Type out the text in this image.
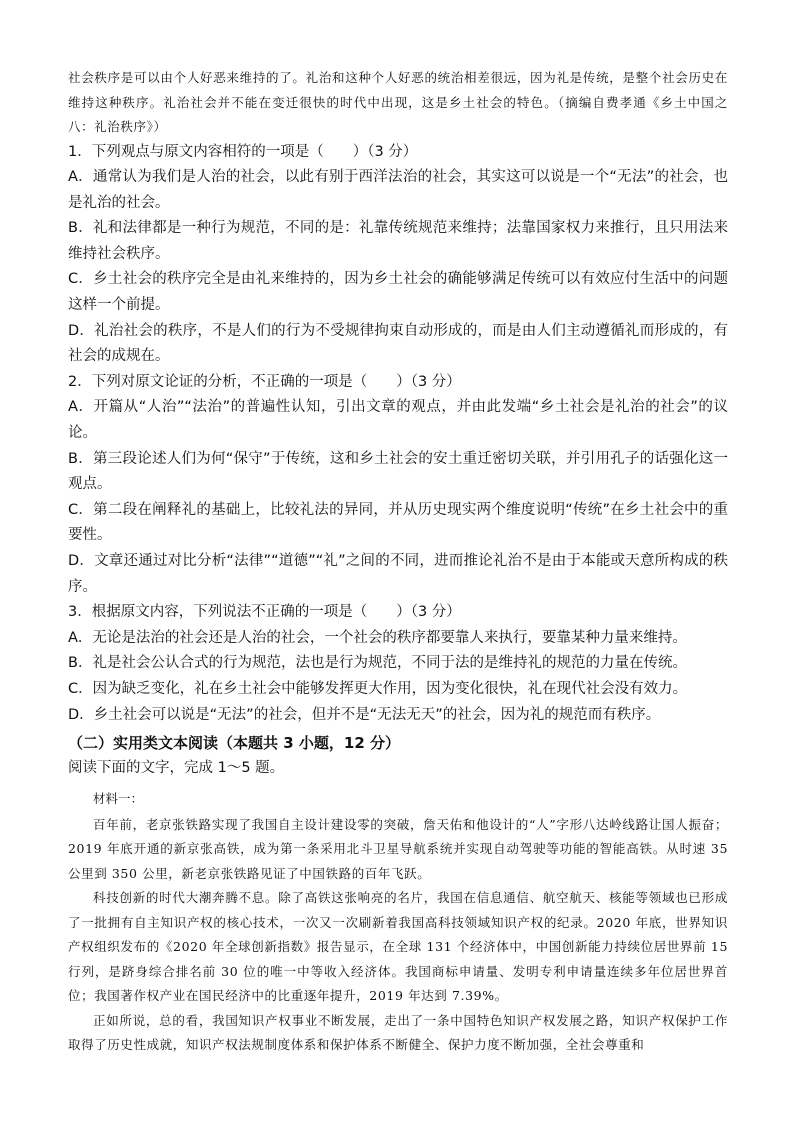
社会秩序是可以由个人好恶来维持的了。礼治和这种个人好恶的统治相差很远，因为礼是传统，是整个社会历史在维持这种秩序。礼治社会并不能在变迁很快的时代中出现，这是乡土社会的特色。（摘编自费孝通《乡土中国之八：礼治秩序》）

1．下列观点与原文内容相符的一项是（　　）（3 分）

A．通常认为我们是人治的社会，以此有别于西洋法治的社会，其实这可以说是一个“无法”的社会，也是礼治的社会。

B．礼和法律都是一种行为规范，不同的是：礼靠传统规范来维持；法靠国家权力来推行，且只用法来维持社会秩序。

C．乡土社会的秩序完全是由礼来维持的，因为乡土社会的确能够满足传统可以有效应付生活中的问题这样一个前提。

D．礼治社会的秩序，不是人们的行为不受规律拘束自动形成的，而是由人们主动遵循礼而形成的，有社会的成规在。

2．下列对原文论证的分析，不正确的一项是（　　）（3 分）

A．开篇从“人治”“法治”的普遍性认知，引出文章的观点，并由此发端“乡土社会是礼治的社会”的议论。

B．第三段论述人们为何“保守”于传统，这和乡土社会的安土重迁密切关联，并引用孔子的话强化这一观点。

C．第二段在阐释礼的基础上，比较礼法的异同，并从历史现实两个维度说明“传统”在乡土社会中的重要性。

D．文章还通过对比分析“法律”“道德”“礼”之间的不同，进而推论礼治不是由于本能或天意所构成的秩序。

3．根据原文内容，下列说法不正确的一项是（　　）（3 分）

A．无论是法治的社会还是人治的社会，一个社会的秩序都要靠人来执行，要靠某种力量来维持。

B．礼是社会公认合式的行为规范，法也是行为规范，不同于法的是维持礼的规范的力量在传统。

C．因为缺乏变化，礼在乡土社会中能够发挥更大作用，因为变化很快，礼在现代社会没有效力。

D．乡土社会可以说是“无法”的社会，但并不是“无法无天”的社会，因为礼的规范而有秩序。

（二）实用类文本阅读（本题共 3 小题，12 分）

阅读下面的文字，完成 1～5 题。

材料一：

百年前，老京张铁路实现了我国自主设计建设零的突破，詹天佑和他设计的“人”字形八达岭线路让国人振奋；2019 年底开通的新京张高铁，成为第一条采用北斗卫星导航系统并实现自动驾驶等功能的智能高铁。从时速 35 公里到 350 公里，新老京张铁路见证了中国铁路的百年飞跃。

科技创新的时代大潮奔腾不息。除了高铁这张响亮的名片，我国在信息通信、航空航天、核能等领域也已形成了一批拥有自主知识产权的核心技术，一次又一次刷新着我国高科技领域知识产权的纪录。2020 年底，世界知识产权组织发布的《2020 年全球创新指数》报告显示，在全球 131 个经济体中，中国创新能力持续位居世界前 15 行列，是跻身综合排名前 30 位的唯一中等收入经济体。我国商标申请量、发明专利申请量连续多年位居世界首位；我国著作权产业在国民经济中的比重逐年提升，2019 年达到 7.39%。

正如所说，总的看，我国知识产权事业不断发展，走出了一条中国特色知识产权发展之路，知识产权保护工作取得了历史性成就，知识产权法规制度体系和保护体系不断健全、保护力度不断加强，全社会尊重和
